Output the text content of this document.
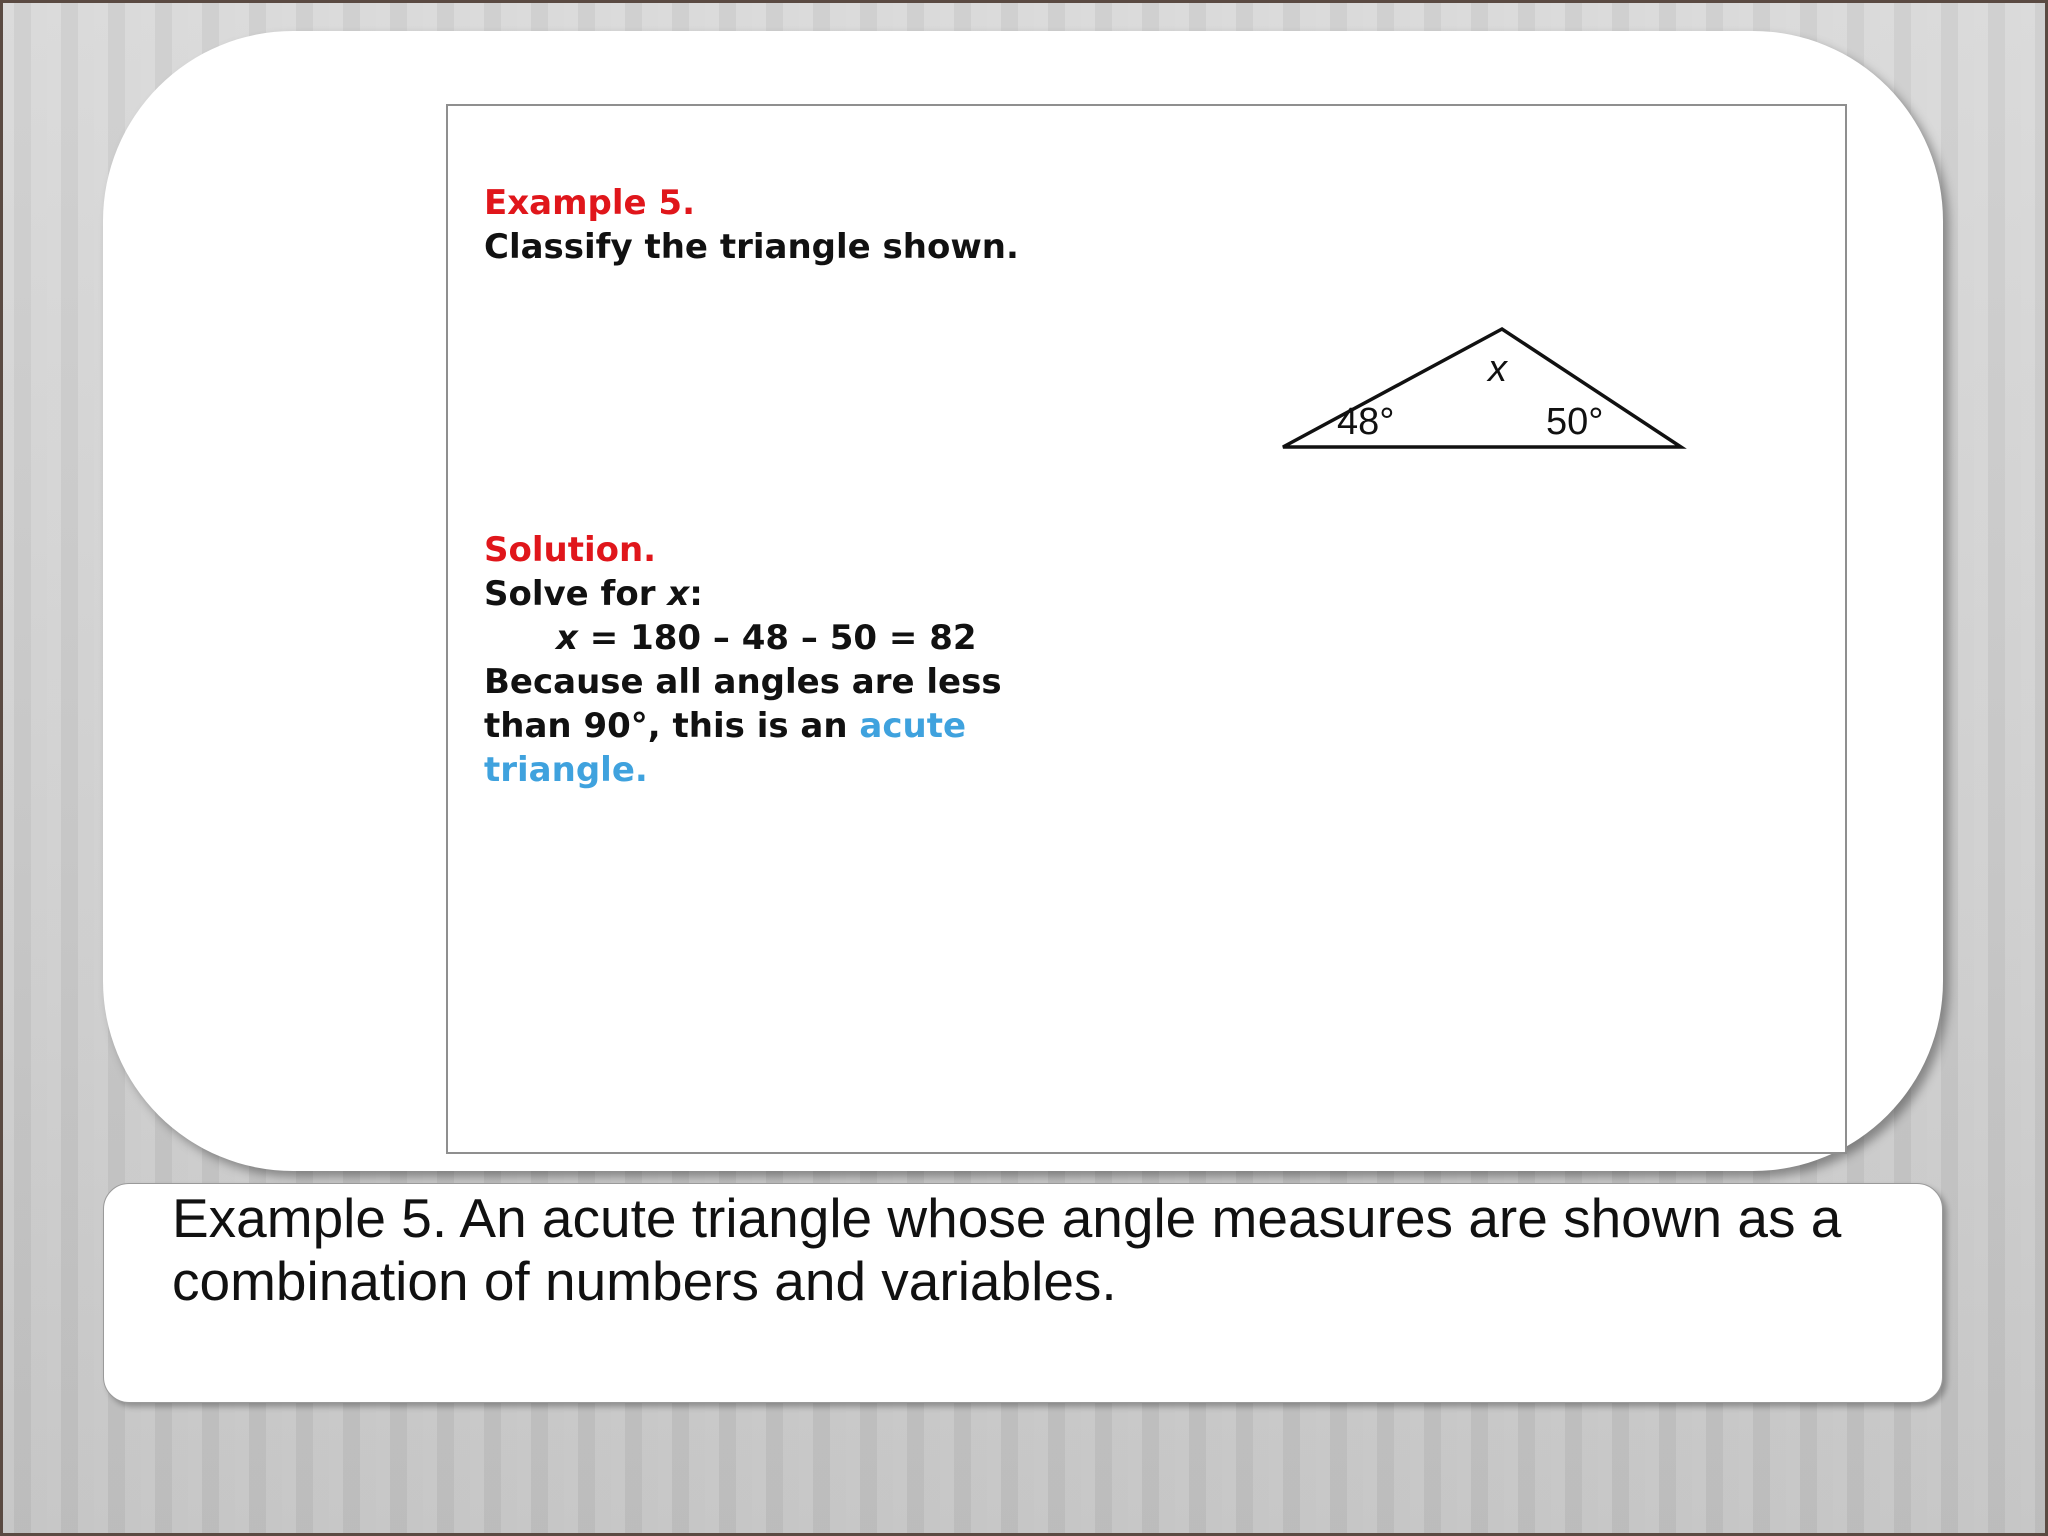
Example 5.
Classify the triangle shown.
x
48°	50°
Solution.
Solve for x:
x = 180 – 48 – 50 = 82
Because all angles are less
than 90°, this is an acute
triangle.
Example 5. An acute triangle whose angle measures are shown as a combination of numbers and variables.
